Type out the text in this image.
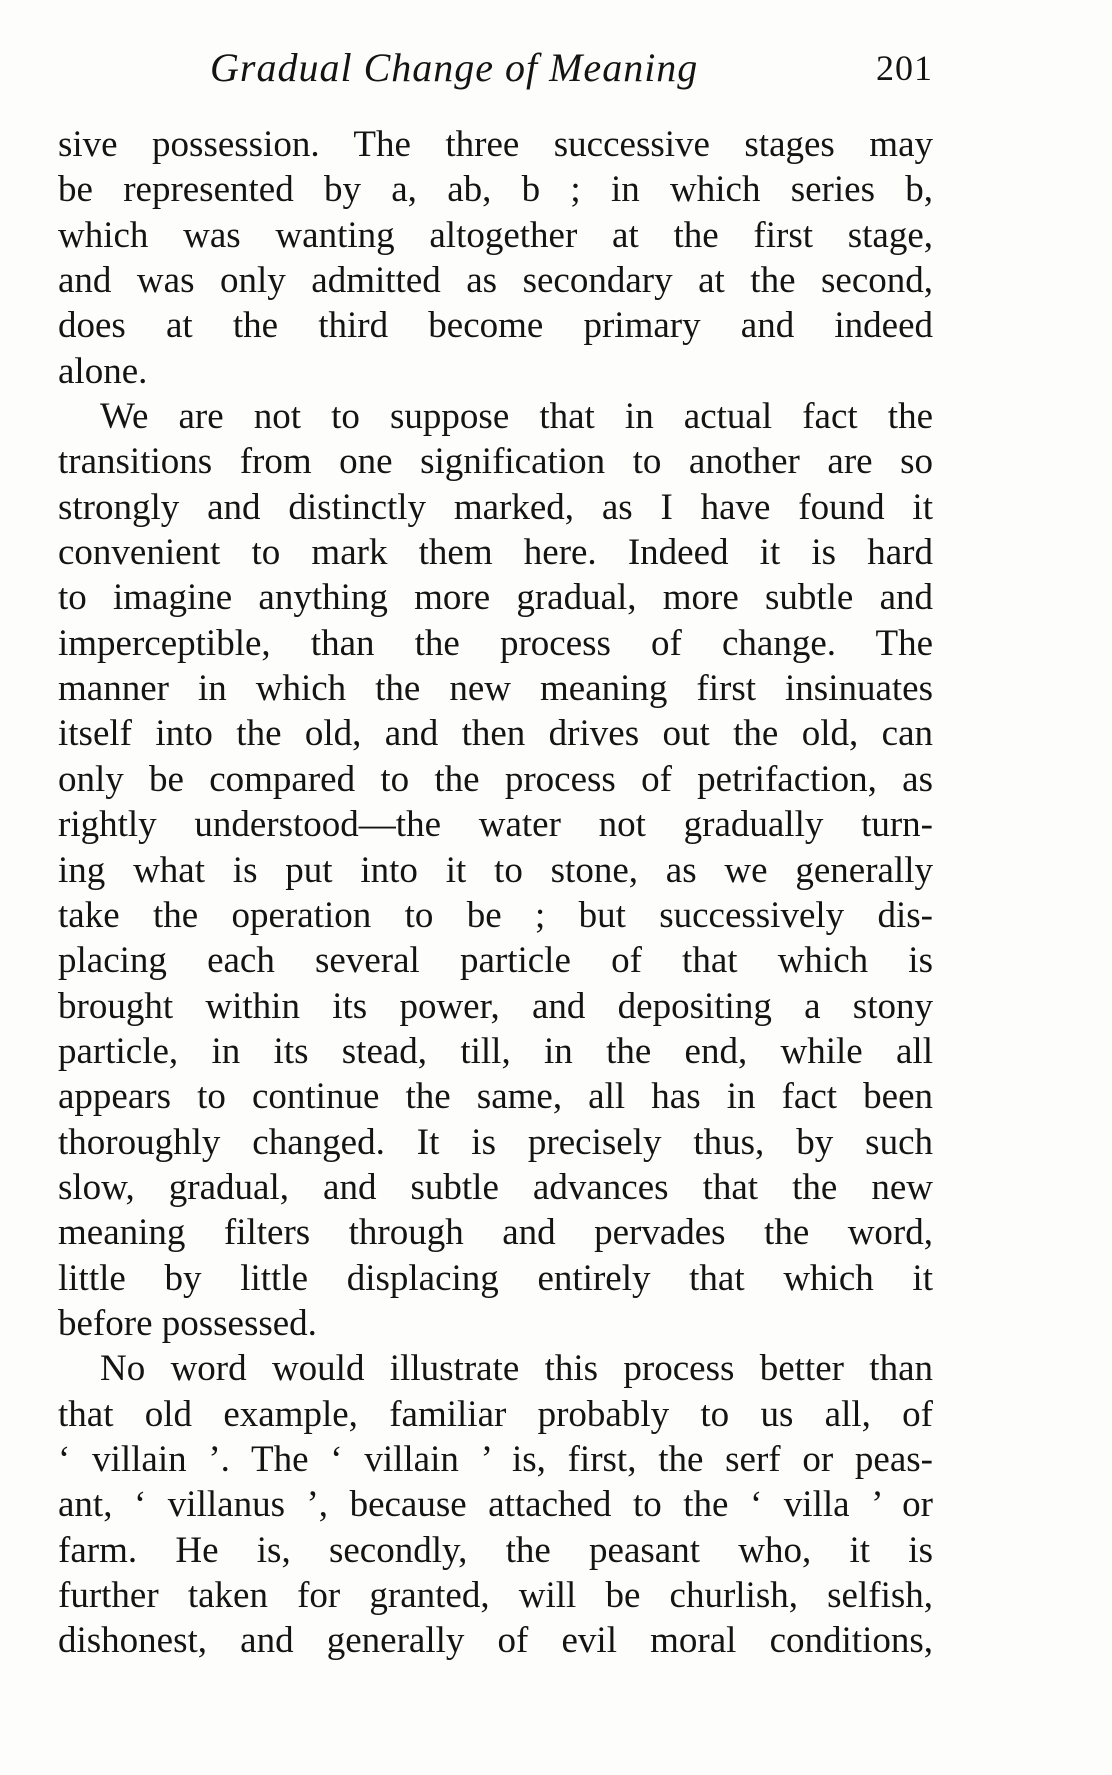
Gradual Change of Meaning	201
sive possession. The three successive stages may
be represented by a, ab, b ; in which series b,
which was wanting altogether at the first stage,
and was only admitted as secondary at the second,
does at the third become primary and indeed
alone.
We are not to suppose that in actual fact the
transitions from one signification to another are so
strongly and distinctly marked, as I have found it
convenient to mark them here. Indeed it is hard
to imagine anything more gradual, more subtle and
imperceptible, than the process of change. The
manner in which the new meaning first insinuates
itself into the old, and then drives out the old, can
only be compared to the process of petrifaction, as
rightly understood—the water not gradually turn-
ing what is put into it to stone, as we generally
take the operation to be ; but successively dis-
placing each several particle of that which is
brought within its power, and depositing a stony
particle, in its stead, till, in the end, while all
appears to continue the same, all has in fact been
thoroughly changed. It is precisely thus, by such
slow, gradual, and subtle advances that the new
meaning filters through and pervades the word,
little by little displacing entirely that which it
before possessed.
No word would illustrate this process better than
that old example, familiar probably to us all, of
‘ villain ’. The ‘ villain ’ is, first, the serf or peas-
ant, ‘ villanus ’, because attached to the ‘ villa ’ or
farm. He is, secondly, the peasant who, it is
further taken for granted, will be churlish, selfish,
dishonest, and generally of evil moral conditions,
